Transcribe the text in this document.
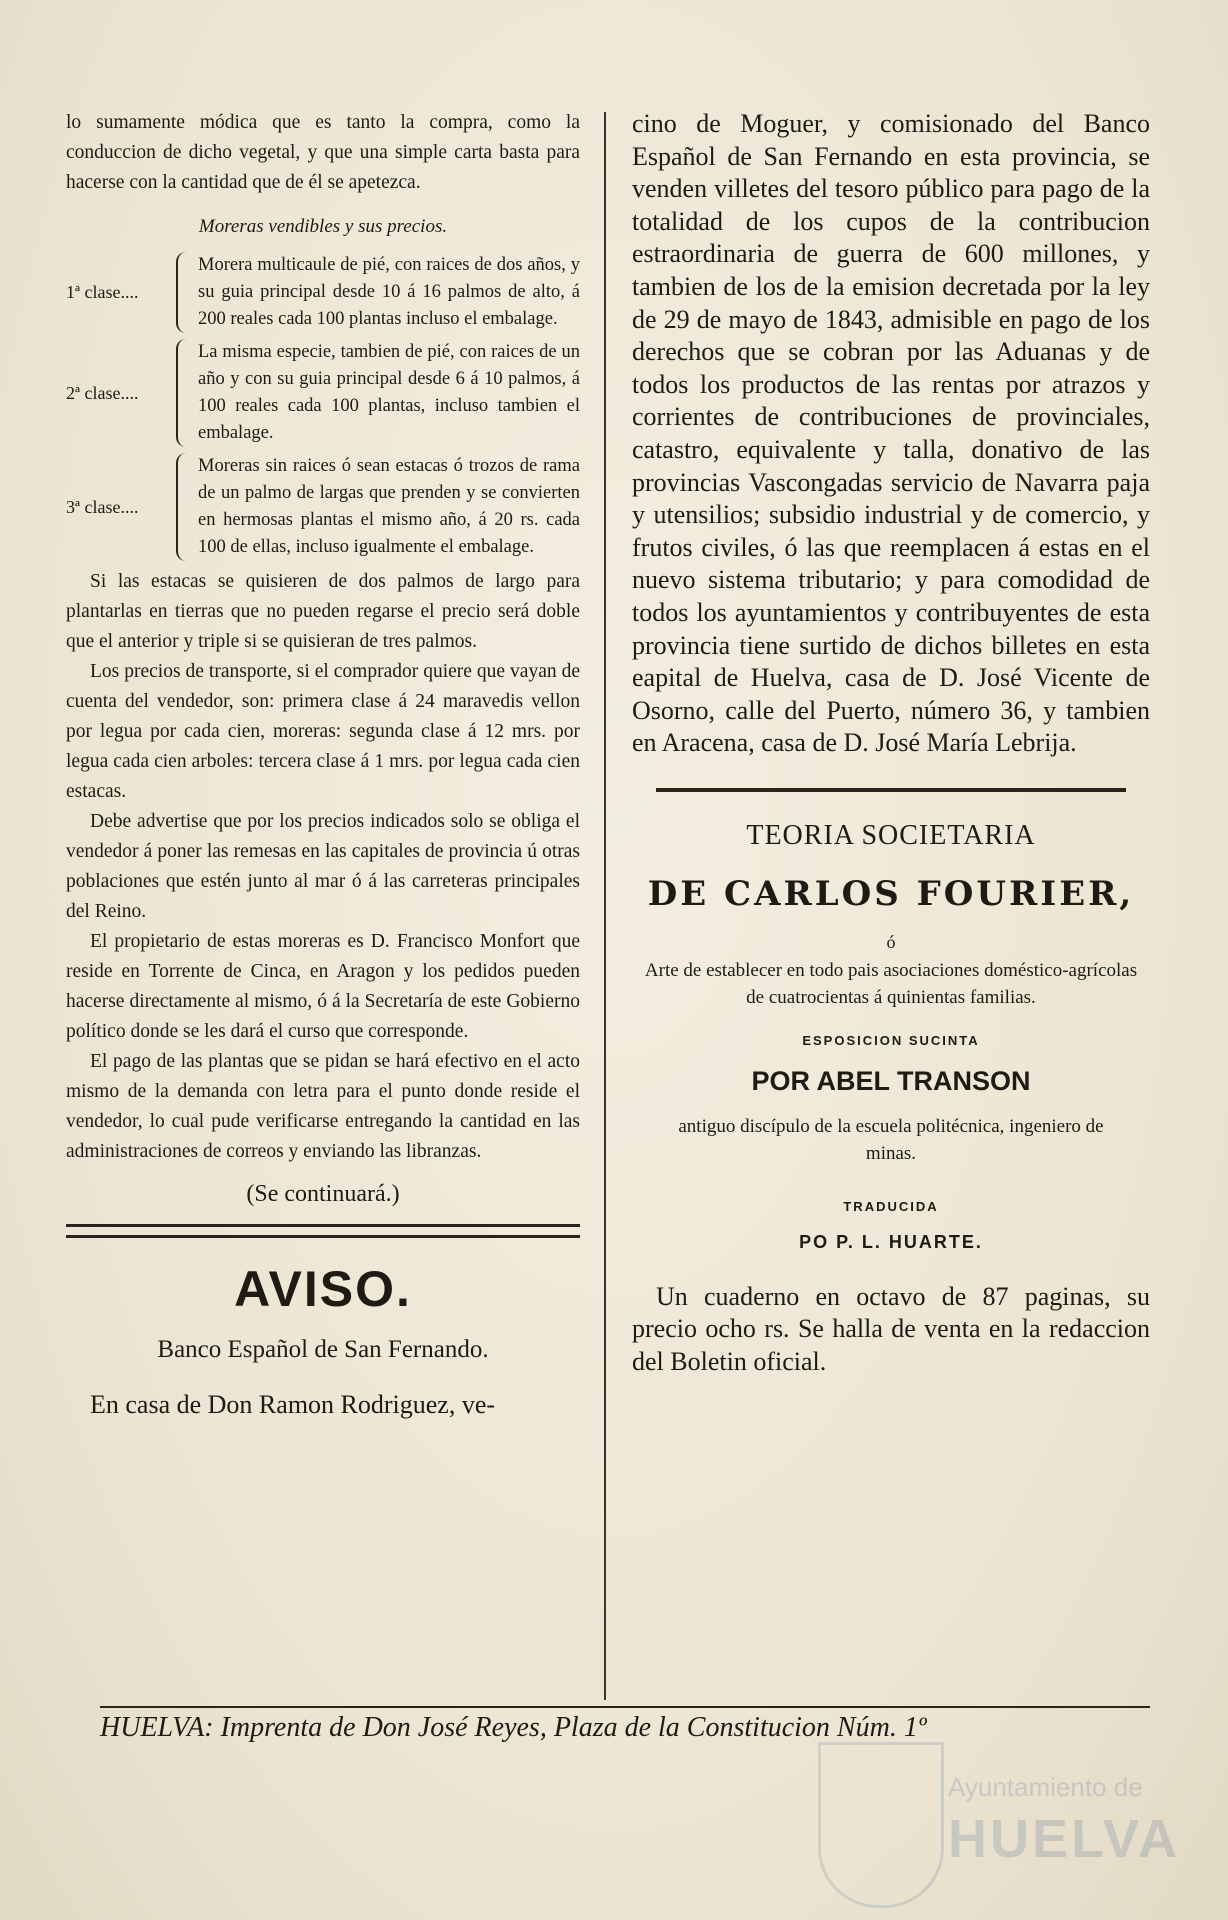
lo sumamente módica que es tanto la compra, como la conduccion de dicho vegetal, y que una simple carta basta para hacerse con la cantidad que de él se apetezca.

Moreras vendibles y sus precios.

1ª clase....
Morera multicaule de pié, con raices de dos años, y su guia principal desde 10 á 16 palmos de alto, á 200 reales cada 100 plantas incluso el embalage.
2ª clase....
La misma especie, tambien de pié, con raices de un año y con su guia principal desde 6 á 10 palmos, á 100 reales cada 100 plantas, incluso tambien el embalage.
3ª clase....
Moreras sin raices ó sean estacas ó trozos de rama de un palmo de largas que prenden y se convierten en hermosas plantas el mismo año, á 20 rs. cada 100 de ellas, incluso igualmente el embalage.

Si las estacas se quisieren de dos palmos de largo para plantarlas en tierras que no pueden regarse el precio será doble que el anterior y triple si se quisieran de tres palmos.

Los precios de transporte, si el comprador quiere que vayan de cuenta del vendedor, son: primera clase á 24 maravedis vellon por legua por cada cien, moreras: segunda clase á 12 mrs. por legua cada cien arboles: tercera clase á 1 mrs. por legua cada cien estacas.

Debe advertise que por los precios indicados solo se obliga el vendedor á poner las remesas en las capitales de provincia ú otras poblaciones que estén junto al mar ó á las carreteras principales del Reino.

El propietario de estas moreras es D. Francisco Monfort que reside en Torrente de Cinca, en Aragon y los pedidos pueden hacerse directamente al mismo, ó á la Secretaría de este Gobierno político donde se les dará el curso que corresponde.

El pago de las plantas que se pidan se hará efectivo en el acto mismo de la demanda con letra para el punto donde reside el vendedor, lo cual pude verificarse entregando la cantidad en las administraciones de correos y enviando las libranzas.

(Se continuará.)

AVISO.

Banco Español de San Fernando.

En casa de Don Ramon Rodriguez, ve-

cino de Moguer, y comisionado del Banco Español de San Fernando en esta provincia, se venden villetes del tesoro público para pago de la totalidad de los cupos de la contribucion estraordinaria de guerra de 600 millones, y tambien de los de la emision decretada por la ley de 29 de mayo de 1843, admisible en pago de los derechos que se cobran por las Aduanas y de todos los productos de las rentas por atrazos y corrientes de contribuciones de provinciales, catastro, equivalente y talla, donativo de las provincias Vascongadas servicio de Navarra paja y utensilios; subsidio industrial y de comercio, y frutos civiles, ó las que reemplacen á estas en el nuevo sistema tributario; y para comodidad de todos los ayuntamientos y contribuyentes de esta provincia tiene surtido de dichos billetes en esta eapital de Huelva, casa de D. José Vicente de Osorno, calle del Puerto, número 36, y tambien en Aracena, casa de D. José María Lebrija.

TEORIA SOCIETARIA

DE CARLOS FOURIER,

ó

Arte de establecer en todo pais asociaciones doméstico-agrícolas de cuatrocientas á quinientas familias.

ESPOSICION SUCINTA

POR ABEL TRANSON

antiguo discípulo de la escuela politécnica, ingeniero de minas.

TRADUCIDA

PO P. L. HUARTE.

Un cuaderno en octavo de 87 paginas, su precio ocho rs. Se halla de venta en la redaccion del Boletin oficial.

HUELVA: Imprenta de Don José Reyes, Plaza de la Constitucion Núm. 1º
Ayuntamiento de
HUELVA
